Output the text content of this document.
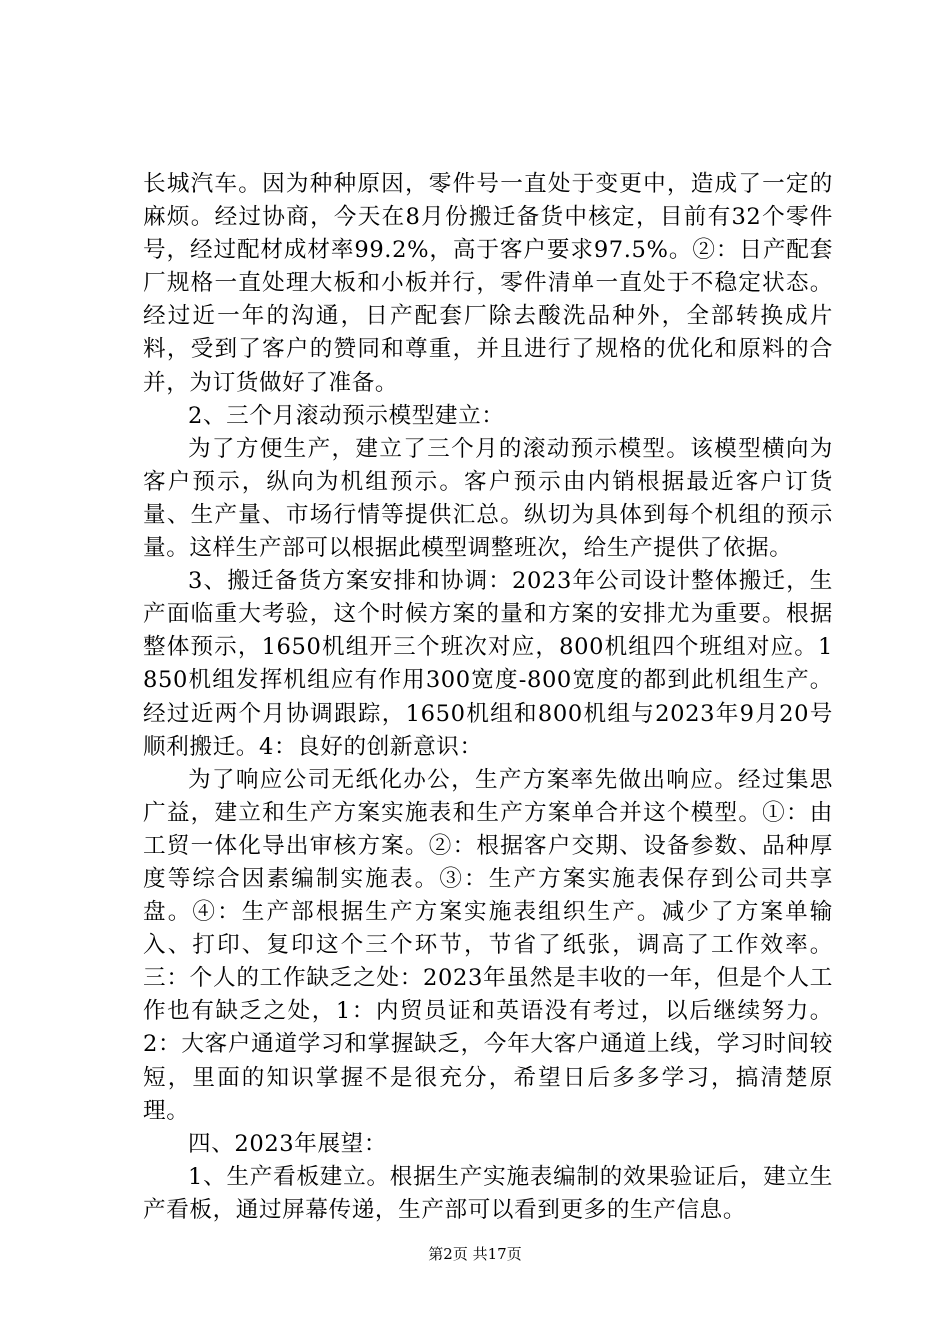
长城汽车。因为种种原因，零件号一直处于变更中，造成了一定的麻烦。经过协商，今天在8月份搬迁备货中核定，目前有32个零件号，经过配材成材率99.2%，高于客户要求97.5%。②：日产配套厂规格一直处理大板和小板并行，零件清单一直处于不稳定状态。经过近一年的沟通，日产配套厂除去酸洗品种外，全部转换成片料，受到了客户的赞同和尊重，并且进行了规格的优化和原料的合并，为订货做好了准备。

2、三个月滚动预示模型建立：

为了方便生产，建立了三个月的滚动预示模型。该模型横向为客户预示，纵向为机组预示。客户预示由内销根据最近客户订货量、生产量、市场行情等提供汇总。纵切为具体到每个机组的预示量。这样生产部可以根据此模型调整班次，给生产提供了依据。

3、搬迁备货方案安排和协调：2023年公司设计整体搬迁，生产面临重大考验，这个时候方案的量和方案的安排尤为重要。根据整体预示，1650机组开三个班次对应，800机组四个班组对应。1850机组发挥机组应有作用300宽度-800宽度的都到此机组生产。经过近两个月协调跟踪，1650机组和800机组与2023年9月20号顺利搬迁。4：良好的创新意识：

为了响应公司无纸化办公，生产方案率先做出响应。经过集思广益，建立和生产方案实施表和生产方案单合并这个模型。①：由工贸一体化导出审核方案。②：根据客户交期、设备参数、品种厚度等综合因素编制实施表。③：生产方案实施表保存到公司共享盘。④：生产部根据生产方案实施表组织生产。减少了方案单输入、打印、复印这个三个环节，节省了纸张，调高了工作效率。三：个人的工作缺乏之处：2023年虽然是丰收的一年，但是个人工作也有缺乏之处，1：内贸员证和英语没有考过，以后继续努力。2：大客户通道学习和掌握缺乏，今年大客户通道上线，学习时间较短，里面的知识掌握不是很充分，希望日后多多学习，搞清楚原理。

四、2023年展望：

1、生产看板建立。根据生产实施表编制的效果验证后，建立生产看板，通过屏幕传递，生产部可以看到更多的生产信息。

第2页 共17页
